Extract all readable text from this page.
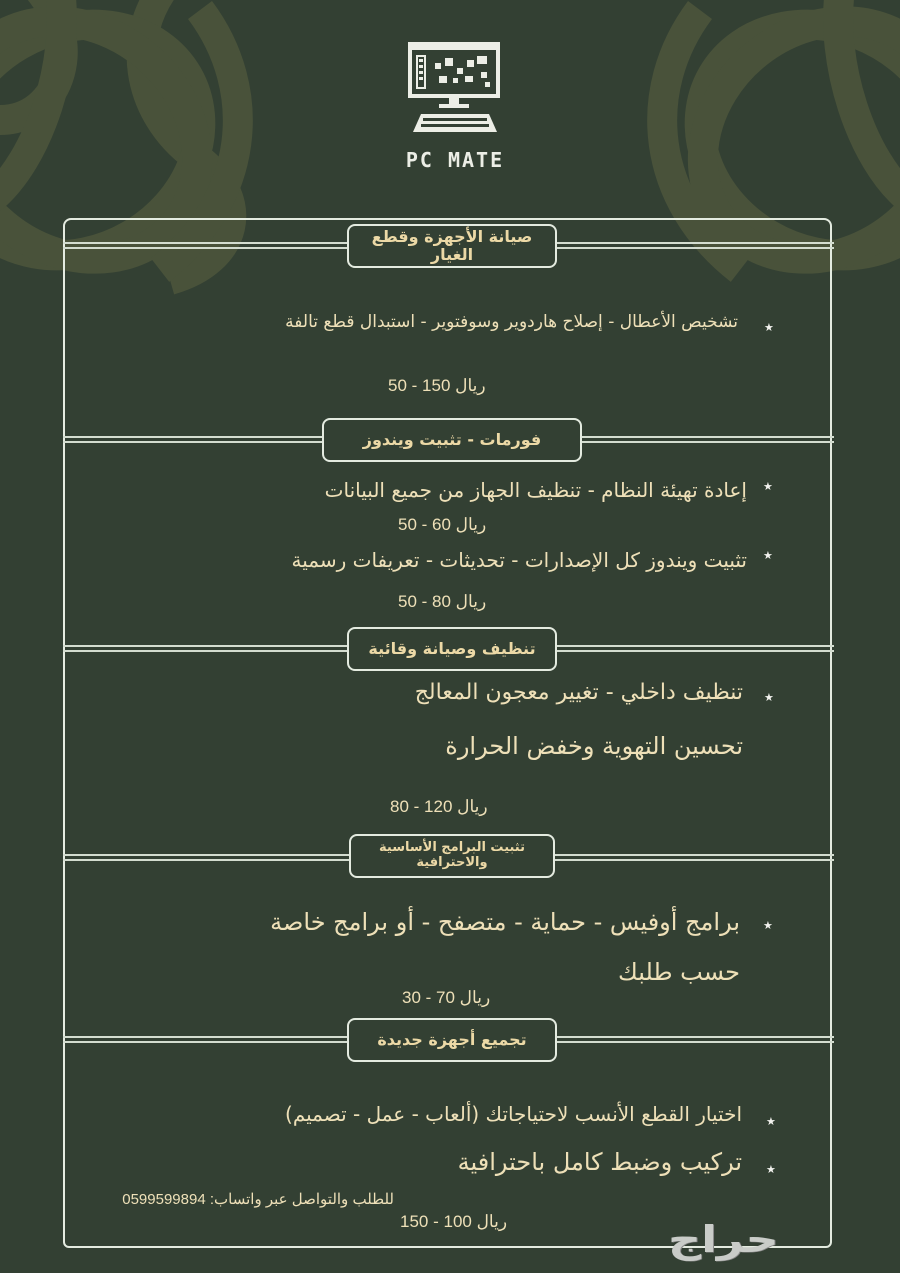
PC MATE
صيانة الأجهزة وقطع الغيار
★
تشخيص الأعطال - إصلاح هاردوير وسوفتوير - استبدال قطع تالفة
ريال 150 - 50
فورمات - تثبيت ويندوز
★
إعادة تهيئة النظام - تنظيف الجهاز من جميع البيانات
ريال 60 - 50
★
تثبيت ويندوز كل الإصدارات - تحديثات - تعريفات رسمية
ريال 80 - 50
تنظيف وصيانة وقائية
★
تنظيف داخلي - تغيير معجون المعالج
تحسين التهوية وخفض الحرارة
ريال 120 - 80
تثبيت البرامج الأساسية
والاحترافية
★
برامج أوفيس - حماية - متصفح - أو برامج خاصة
حسب طلبك
ريال 70 - 30
تجميع أجهزة جديدة
★
اختيار القطع الأنسب لاحتياجاتك (ألعاب - عمل - تصميم)
★
تركيب وضبط كامل باحترافية
للطلب والتواصل عبر واتساب: 0599599894
ريال 100 - 150	حراج
